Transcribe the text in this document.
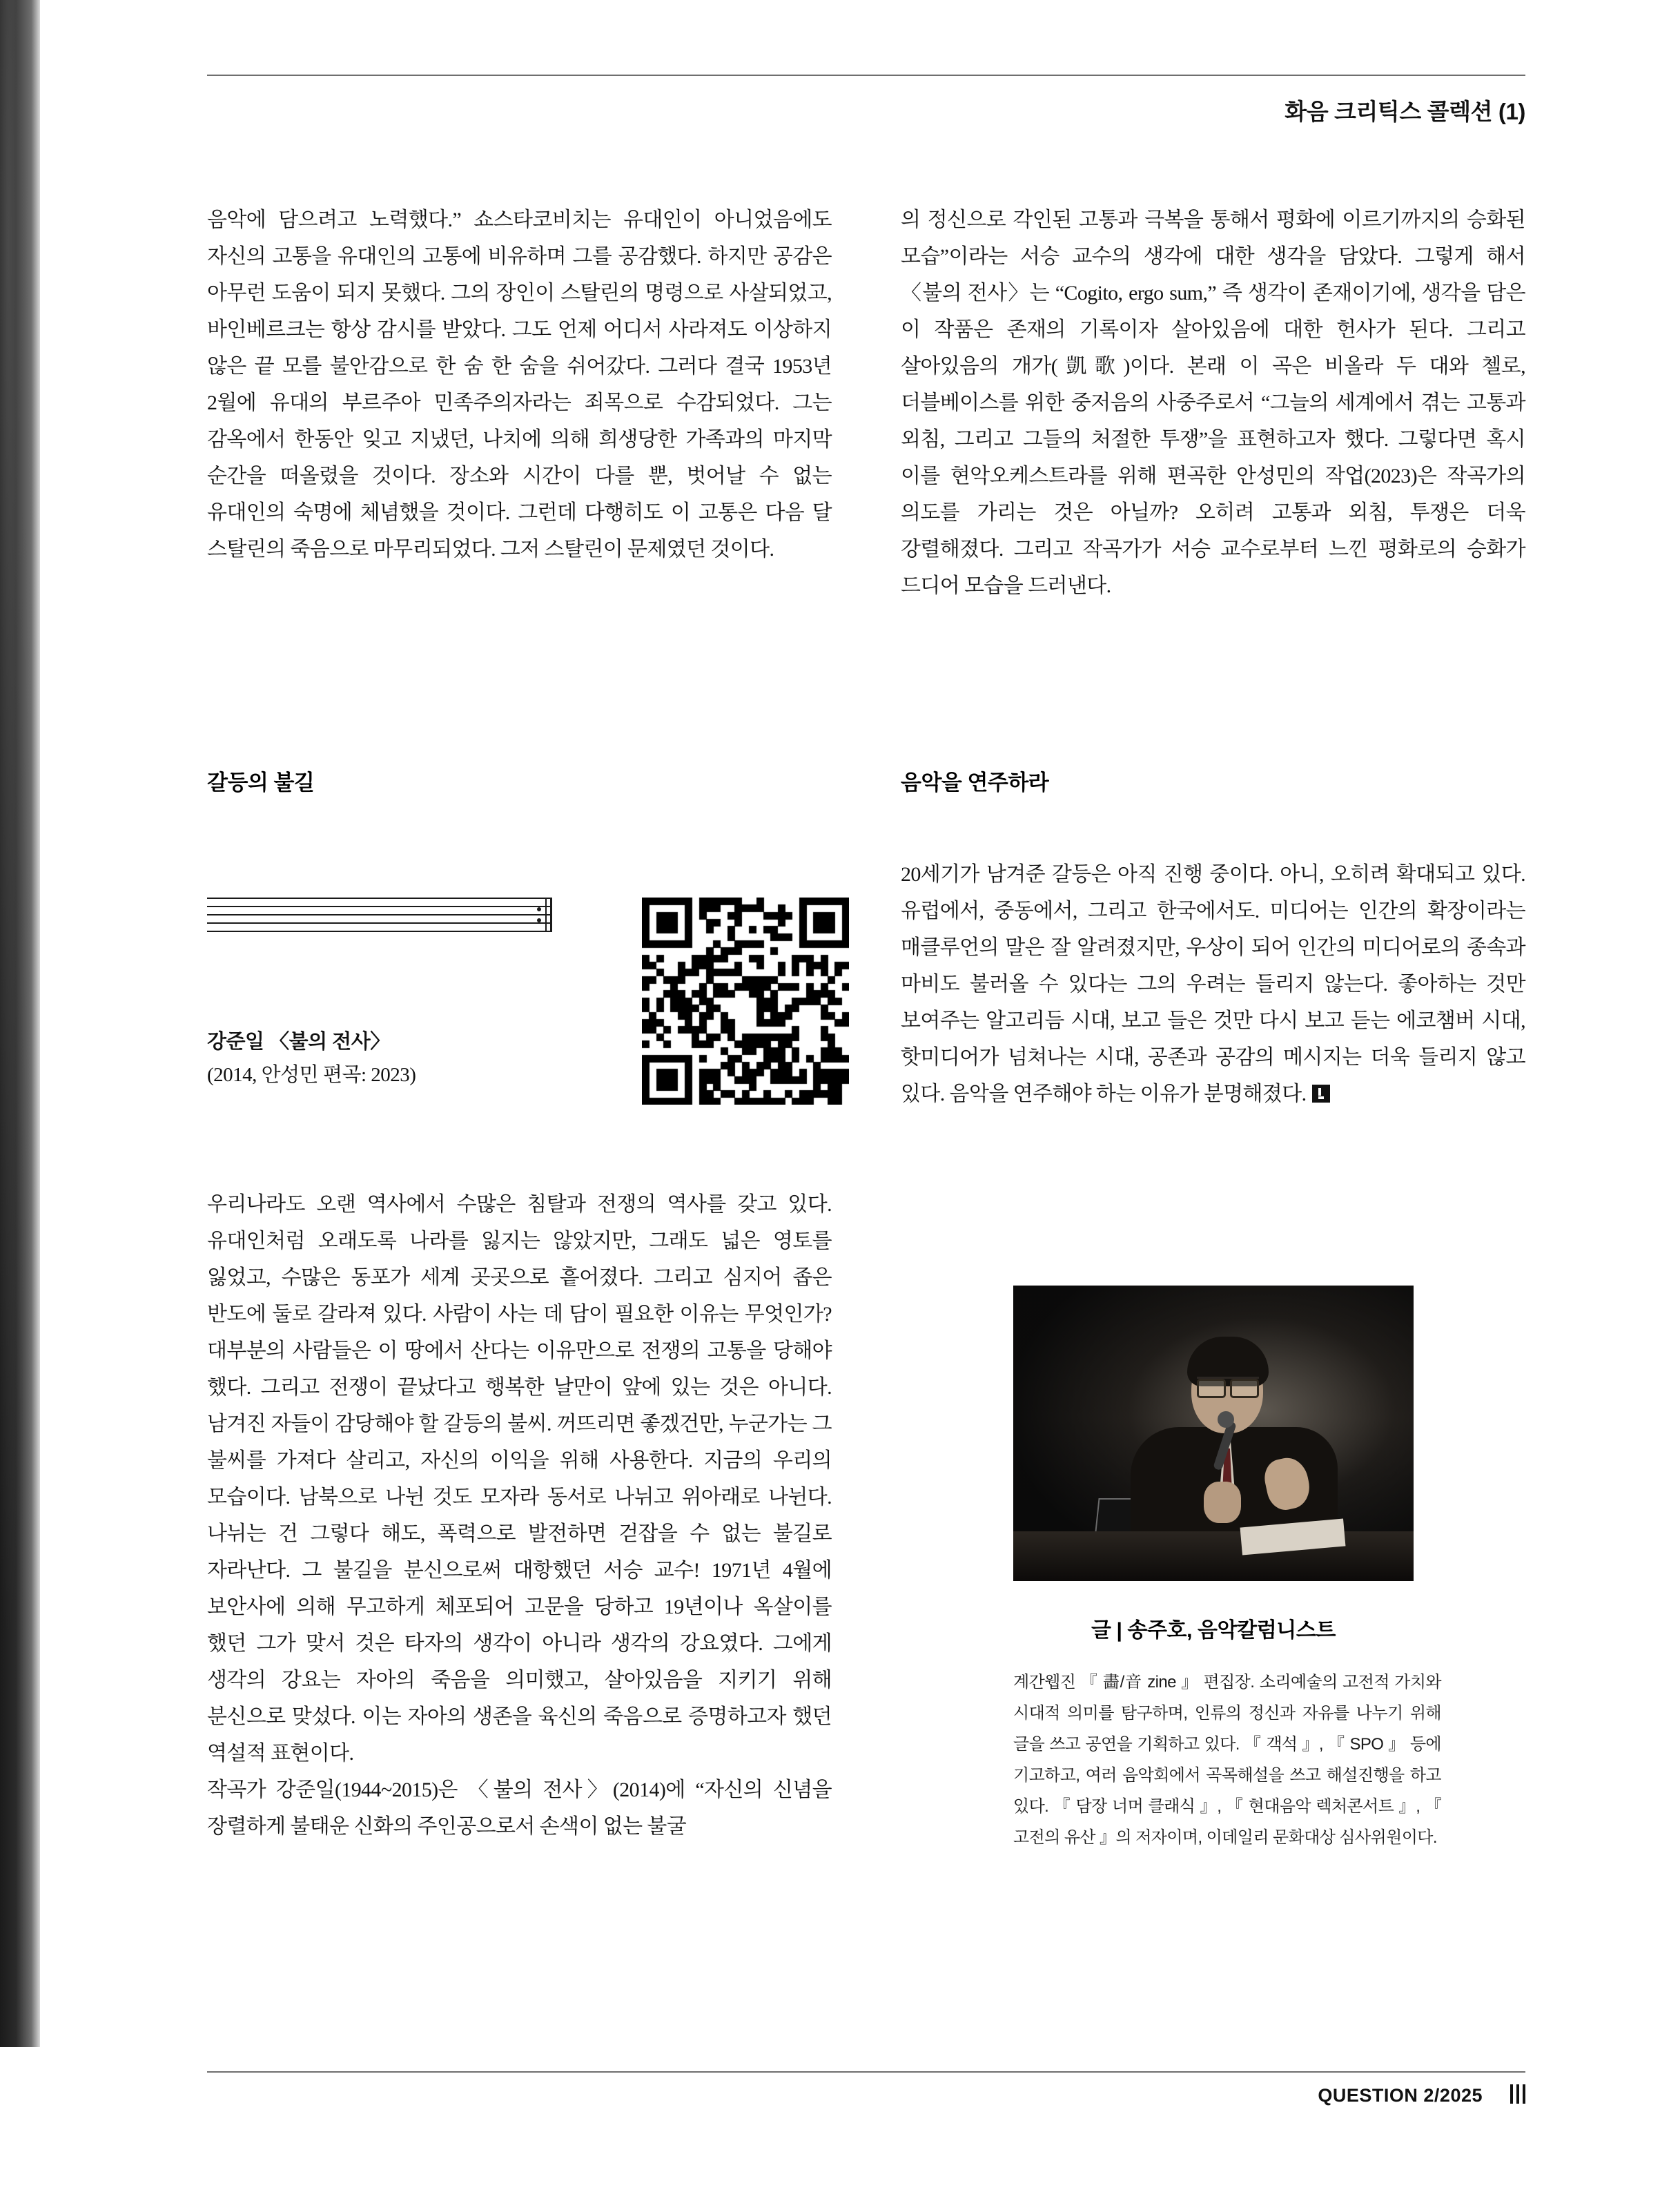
화음 크리틱스 콜렉션 (1)

음악에 담으려고 노력했다.” 쇼스타코비치는 유대인이 아니었음에도 자신의 고통을 유대인의 고통에 비유하며 그를 공감했다. 하지만 공감은 아무런 도움이 되지 못했다. 그의 장인이 스탈린의 명령으로 사살되었고, 바인베르크는 항상 감시를 받았다. 그도 언제 어디서 사라져도 이상하지 않은 끝 모를 불안감으로 한 숨 한 숨을 쉬어갔다. 그러다 결국 1953년 2월에 유대의 부르주아 민족주의자라는 죄목으로 수감되었다. 그는 감옥에서 한동안 잊고 지냈던, 나치에 의해 희생당한 가족과의 마지막 순간을 떠올렸을 것이다. 장소와 시간이 다를 뿐, 벗어날 수 없는 유대인의 숙명에 체념했을 것이다. 그런데 다행히도 이 고통은 다음 달 스탈린의 죽음으로 마무리되었다. 그저 스탈린이 문제였던 것이다.

갈등의 불길

강준일 〈불의 전사〉
(2014, 안성민 편곡: 2023)

우리나라도 오랜 역사에서 수많은 침탈과 전쟁의 역사를 갖고 있다. 유대인처럼 오래도록 나라를 잃지는 않았지만, 그래도 넓은 영토를 잃었고, 수많은 동포가 세계 곳곳으로 흩어졌다. 그리고 심지어 좁은 반도에 둘로 갈라져 있다. 사람이 사는 데 담이 필요한 이유는 무엇인가? 대부분의 사람들은 이 땅에서 산다는 이유만으로 전쟁의 고통을 당해야 했다. 그리고 전쟁이 끝났다고 행복한 날만이 앞에 있는 것은 아니다. 남겨진 자들이 감당해야 할 갈등의 불씨. 꺼뜨리면 좋겠건만, 누군가는 그 불씨를 가져다 살리고, 자신의 이익을 위해 사용한다. 지금의 우리의 모습이다. 남북으로 나뉜 것도 모자라 동서로 나뉘고 위아래로 나뉜다. 나뉘는 건 그렇다 해도, 폭력으로 발전하면 걷잡을 수 없는 불길로 자라난다. 그 불길을 분신으로써 대항했던 서승 교수! 1971년 4월에 보안사에 의해 무고하게 체포되어 고문을 당하고 19년이나 옥살이를 했던 그가 맞서 것은 타자의 생각이 아니라 생각의 강요였다. 그에게 생각의 강요는 자아의 죽음을 의미했고, 살아있음을 지키기 위해 분신으로 맞섰다. 이는 자아의 생존을 육신의 죽음으로 증명하고자 했던 역설적 표현이다.

작곡가 강준일(1944~2015)은 〈불의 전사〉(2014)에 “자신의 신념을 장렬하게 불태운 신화의 주인공으로서 손색이 없는 불굴

의 정신으로 각인된 고통과 극복을 통해서 평화에 이르기까지의 승화된 모습”이라는 서승 교수의 생각에 대한 생각을 담았다. 그렇게 해서 〈불의 전사〉는 “Cogito, ergo sum,” 즉 생각이 존재이기에, 생각을 담은 이 작품은 존재의 기록이자 살아있음에 대한 헌사가 된다. 그리고 살아있음의 개가(凱歌)이다. 본래 이 곡은 비올라 두 대와 첼로, 더블베이스를 위한 중저음의 사중주로서 “그늘의 세계에서 겪는 고통과 외침, 그리고 그들의 처절한 투쟁”을 표현하고자 했다. 그렇다면 혹시 이를 현악오케스트라를 위해 편곡한 안성민의 작업(2023)은 작곡가의 의도를 가리는 것은 아닐까? 오히려 고통과 외침, 투쟁은 더욱 강렬해졌다. 그리고 작곡가가 서승 교수로부터 느낀 평화로의 승화가 드디어 모습을 드러낸다.

음악을 연주하라

20세기가 남겨준 갈등은 아직 진행 중이다. 아니, 오히려 확대되고 있다. 유럽에서, 중동에서, 그리고 한국에서도. 미디어는 인간의 확장이라는 매클루언의 말은 잘 알려졌지만, 우상이 되어 인간의 미디어로의 종속과 마비도 불러올 수 있다는 그의 우려는 들리지 않는다. 좋아하는 것만 보여주는 알고리듬 시대, 보고 들은 것만 다시 보고 듣는 에코챔버 시대, 핫미디어가 넘쳐나는 시대, 공존과 공감의 메시지는 더욱 들리지 않고 있다. 음악을 연주해야 하는 이유가 분명해졌다.

글 | 송주호, 음악칼럼니스트
계간웹진 『 畵/音 zine 』 편집장. 소리예술의 고전적 가치와 시대적 의미를 탐구하며, 인류의 정신과 자유를 나누기 위해 글을 쓰고 공연을 기획하고 있다. 『 객석 』, 『 SPO 』 등에 기고하고, 여러 음악회에서 곡목해설을 쓰고 해설진행을 하고 있다. 『 담장 너머 클래식 』, 『 현대음악 렉처콘서트 』, 『 고전의 유산 』의 저자이며, 이데일리 문화대상 심사위원이다.
QUESTION 2/2025
